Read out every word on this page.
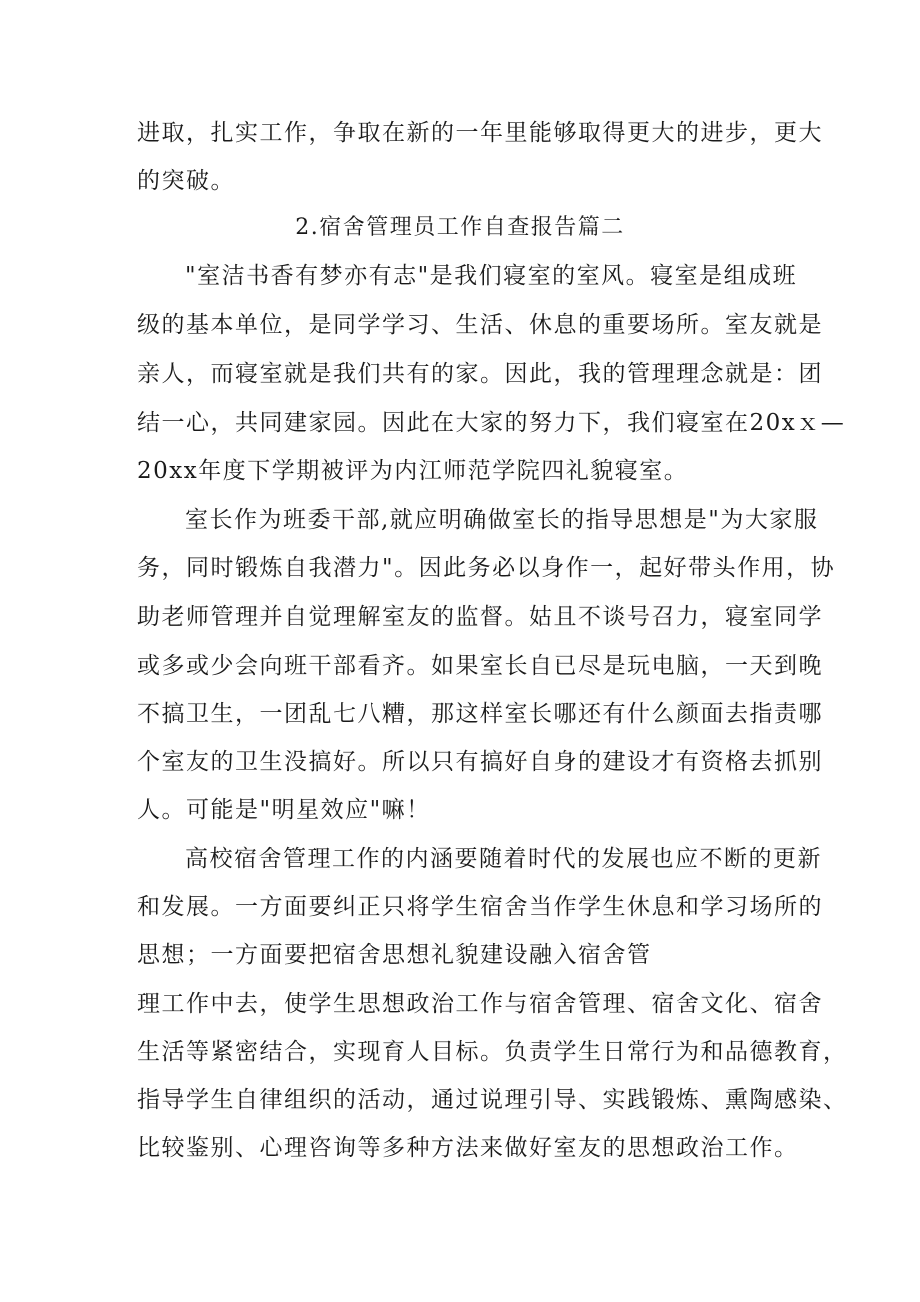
进取，扎实工作，争取在新的一年里能够取得更大的进步，更大
的突破。
2.宿舍管理员工作自查报告篇二
"室洁书香有梦亦有志"是我们寝室的室风。寝室是组成班
级的基本单位，是同学学习、生活、休息的重要场所。室友就是
亲人，而寝室就是我们共有的家。因此，我的管理理念就是：团
结一心，共同建家园。因此在大家的努力下，我们寝室在20xｘ—
20xx年度下学期被评为内江师范学院四礼貌寝室。
室长作为班委干部,就应明确做室长的指导思想是"为大家服
务，同时锻炼自我潜力"。因此务必以身作一，起好带头作用，协
助老师管理并自觉理解室友的监督。姑且不谈号召力，寝室同学
或多或少会向班干部看齐。如果室长自已尽是玩电脑，一天到晚
不搞卫生，一团乱七八糟，那这样室长哪还有什么颜面去指责哪
个室友的卫生没搞好。所以只有搞好自身的建设才有资格去抓别
人。可能是"明星效应"嘛！
高校宿舍管理工作的内涵要随着时代的发展也应不断的更新
和发展。一方面要纠正只将学生宿舍当作学生休息和学习场所的
思想；一方面要把宿舍思想礼貌建设融入宿舍管
理工作中去，使学生思想政治工作与宿舍管理、宿舍文化、宿舍
生活等紧密结合，实现育人目标。负责学生日常行为和品德教育，
指导学生自律组织的活动，通过说理引导、实践锻炼、熏陶感染、
比较鉴别、心理咨询等多种方法来做好室友的思想政治工作。
